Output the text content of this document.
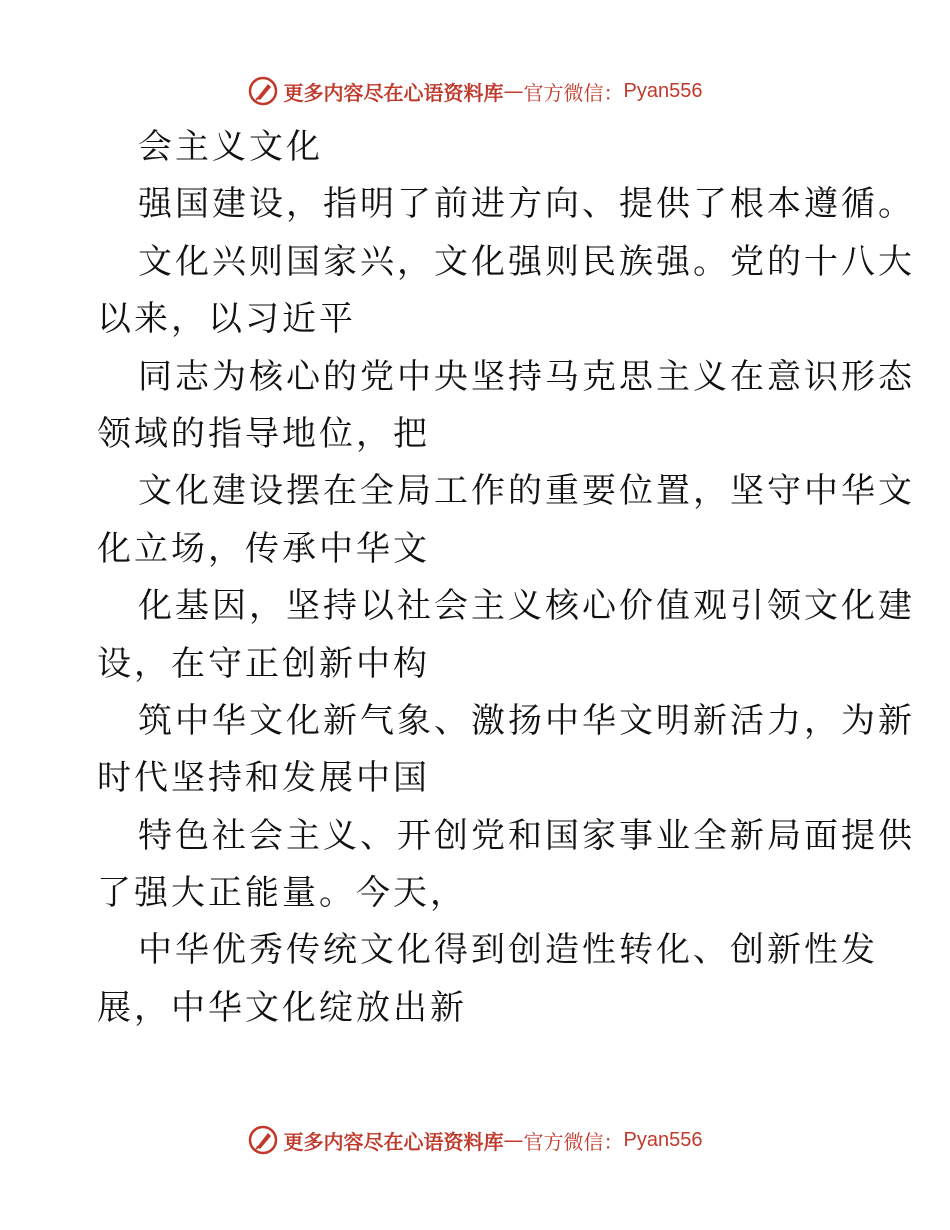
更多内容尽在心语资料库 — 官方微信： Pyan556
会主义文化
强国建设，指明了前进方向、提供了根本遵循。
文化兴则国家兴，文化强则民族强。党的十八大
以来，以习近平
同志为核心的党中央坚持马克思主义在意识形态
领域的指导地位，把
文化建设摆在全局工作的重要位置，坚守中华文
化立场，传承中华文
化基因，坚持以社会主义核心价值观引领文化建
设，在守正创新中构
筑中华文化新气象、激扬中华文明新活力，为新
时代坚持和发展中国
特色社会主义、开创党和国家事业全新局面提供
了强大正能量。今天，
中华优秀传统文化得到创造性转化、创新性发
展，中华文化绽放出新
更多内容尽在心语资料库 — 官方微信： Pyan556
